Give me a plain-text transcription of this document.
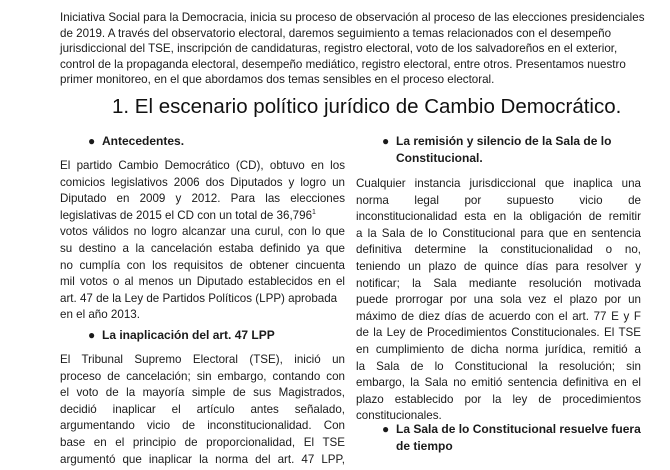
Iniciativa Social para la Democracia, inicia su proceso de observación al proceso de las elecciones presidenciales
de 2019. A través del observatorio electoral, daremos seguimiento a temas relacionados con el desempeño
jurisdiccional del TSE, inscripción de candidaturas, registro electoral, voto de los salvadoreños en el exterior,
control de la propaganda electoral, desempeño mediático, registro electoral, entre otros. Presentamos nuestro
primer monitoreo, en el que abordamos dos temas sensibles en el proceso electoral.
1. El escenario político jurídico de Cambio Democrático.
● Antecedentes.
El partido Cambio Democrático (CD), obtuvo en los
comicios legislativos 2006 dos Diputados y logro un
Diputado en 2009 y 2012. Para las elecciones
legislativas de 2015 el CD con un total de 36,796$^1$
votos válidos no logro alcanzar una curul, con lo que
su destino a la cancelación estaba definido ya que
no cumplía con los requisitos de obtener cincuenta
mil votos o al menos un Diputado establecidos en el
art. 47 de la Ley de Partidos Políticos (LPP) aprobada
en el año 2013.
● La inaplicación del art. 47 LPP
El Tribunal Supremo Electoral (TSE), inició un
proceso de cancelación; sin embargo, contando con
el voto de la mayoría simple de sus Magistrados,
decidió inaplicar el artículo antes señalado,
argumentando vicio de inconstitucionalidad. Con
base en el principio de proporcionalidad, El TSE
argumentó que inaplicar la norma del art. 47 LPP,
● La remisión y silencio de la Sala de lo
Constitucional.
Cualquier instancia jurisdiccional que inaplica una
norma legal por supuesto vicio de
inconstitucionalidad esta en la obligación de remitir
a la Sala de lo Constitucional para que en sentencia
definitiva determine la constitucionalidad o no,
teniendo un plazo de quince días para resolver y
notificar; la Sala mediante resolución motivada
puede prorrogar por una sola vez el plazo por un
máximo de diez días de acuerdo con el art. 77 E y F
de la Ley de Procedimientos Constitucionales. El TSE
en cumplimiento de dicha norma jurídica, remitió a
la Sala de lo Constitucional la resolución; sin
embargo, la Sala no emitió sentencia definitiva en el
plazo establecido por la ley de procedimientos
constitucionales.
● La Sala de lo Constitucional resuelve fuera
de tiempo
